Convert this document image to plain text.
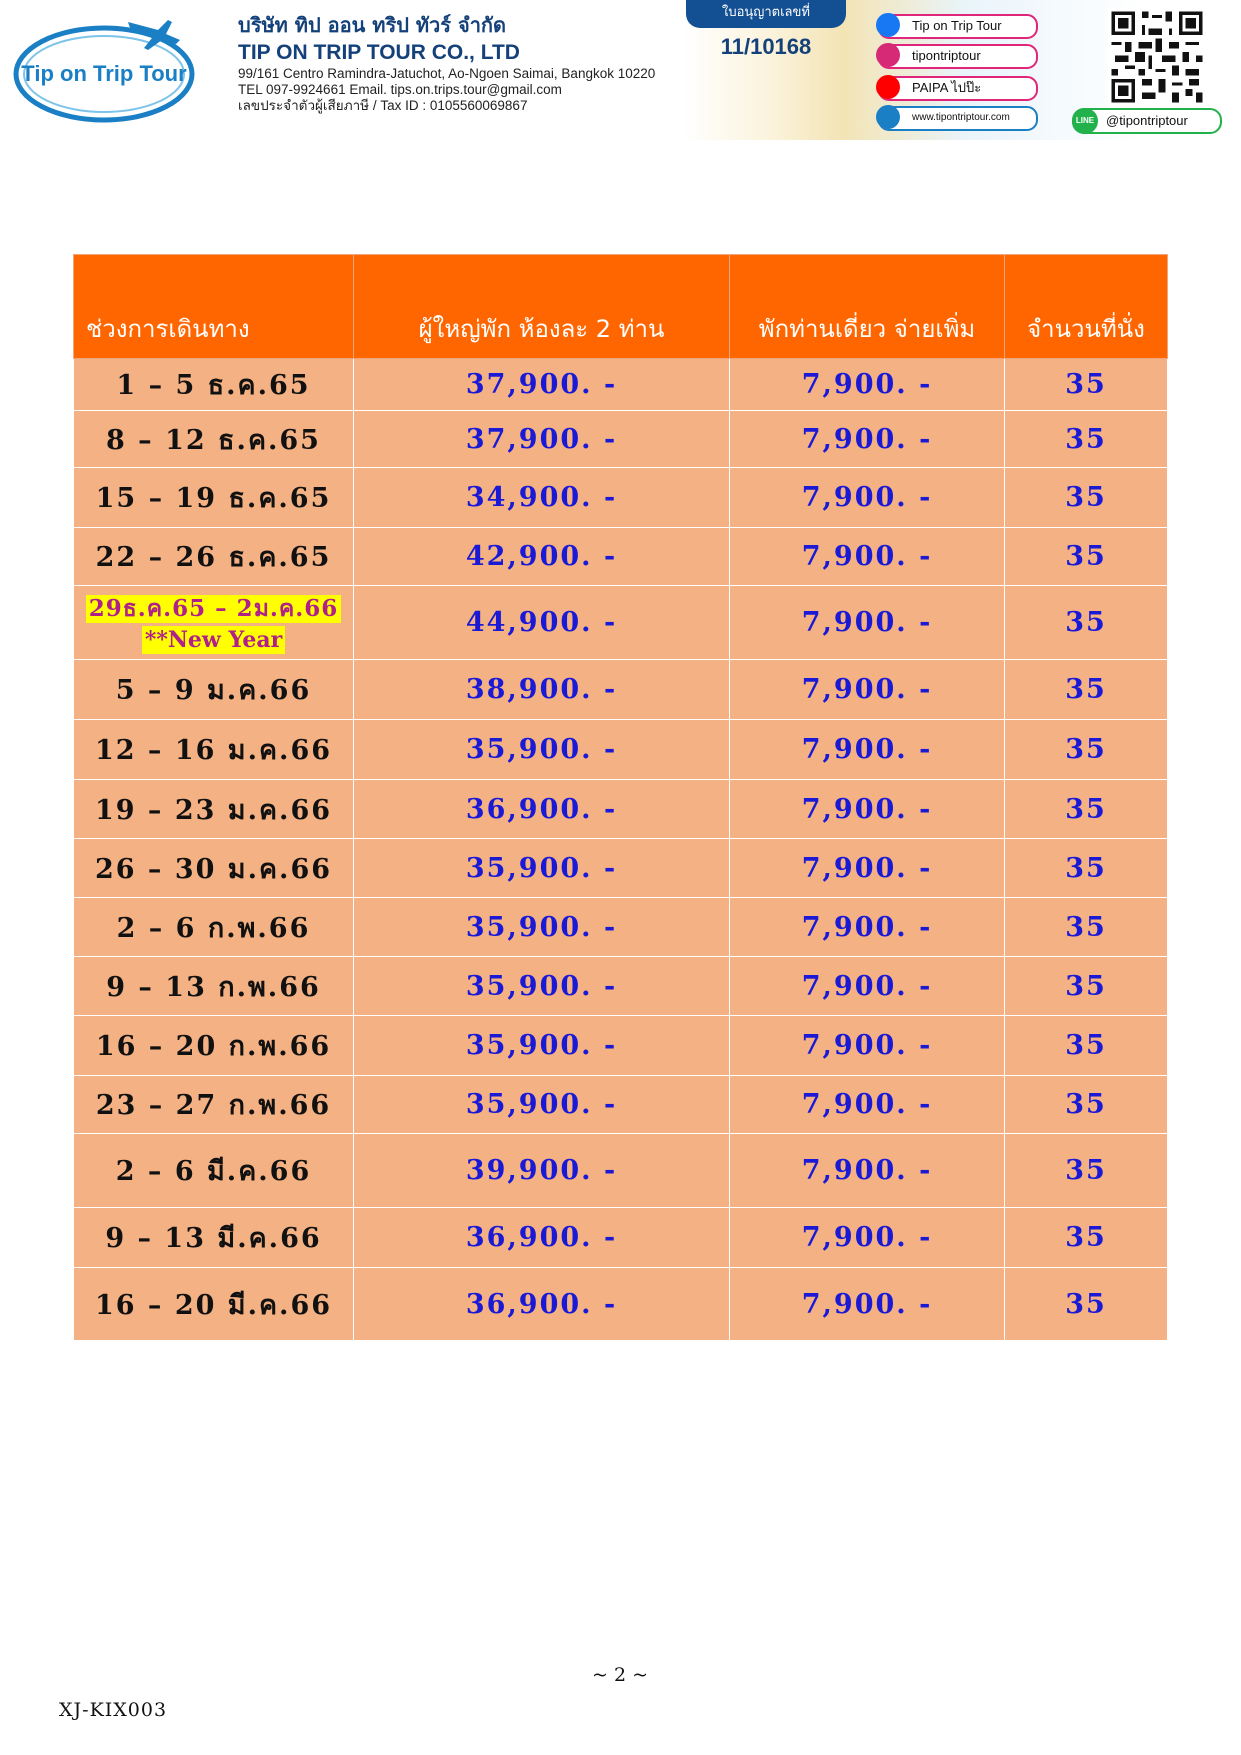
Tip on Trip Tour
บริษัท ทิป ออน ทริป ทัวร์ จำกัด
TIP ON TRIP TOUR CO., LTD
99/161 Centro Ramindra-Jatuchot, Ao-Ngoen Saimai, Bangkok 10220
TEL 097-9924661 Email. tips.on.trips.tour@gmail.com
เลขประจำตัวผู้เสียภาษี / Tax ID : 0105560069867
ใบอนุญาตเลขที่
11/10168
Tip on Trip Tour
tipontriptour
PAIPA ไปป๊ะ
www.tipontriptour.com	LINE @tipontriptour
ช่วงการเดินทาง	ผู้ใหญ่พัก ห้องละ 2 ท่าน	พักท่านเดี่ยว จ่ายเพิ่ม	จำนวนที่นั่ง
1 – 5 ธ.ค.65	37,900. -	7,900. -	35
8 – 12 ธ.ค.65	37,900. -	7,900. -	35
15 – 19 ธ.ค.65	34,900. -	7,900. -	35
22 – 26 ธ.ค.65	42,900. -	7,900. -	35
29ธ.ค.65 – 2ม.ค.66
**New Year	44,900. -	7,900. -	35
5 – 9 ม.ค.66	38,900. -	7,900. -	35
12 – 16 ม.ค.66	35,900. -	7,900. -	35
19 – 23 ม.ค.66	36,900. -	7,900. -	35
26 – 30 ม.ค.66	35,900. -	7,900. -	35
2 – 6 ก.พ.66	35,900. -	7,900. -	35
9 – 13 ก.พ.66	35,900. -	7,900. -	35
16 – 20 ก.พ.66	35,900. -	7,900. -	35
23 – 27 ก.พ.66	35,900. -	7,900. -	35
2 – 6 มี.ค.66	39,900. -	7,900. -	35
9 – 13 มี.ค.66	36,900. -	7,900. -	35
16 – 20 มี.ค.66	36,900. -	7,900. -	35
~ 2 ~
XJ-KIX003
